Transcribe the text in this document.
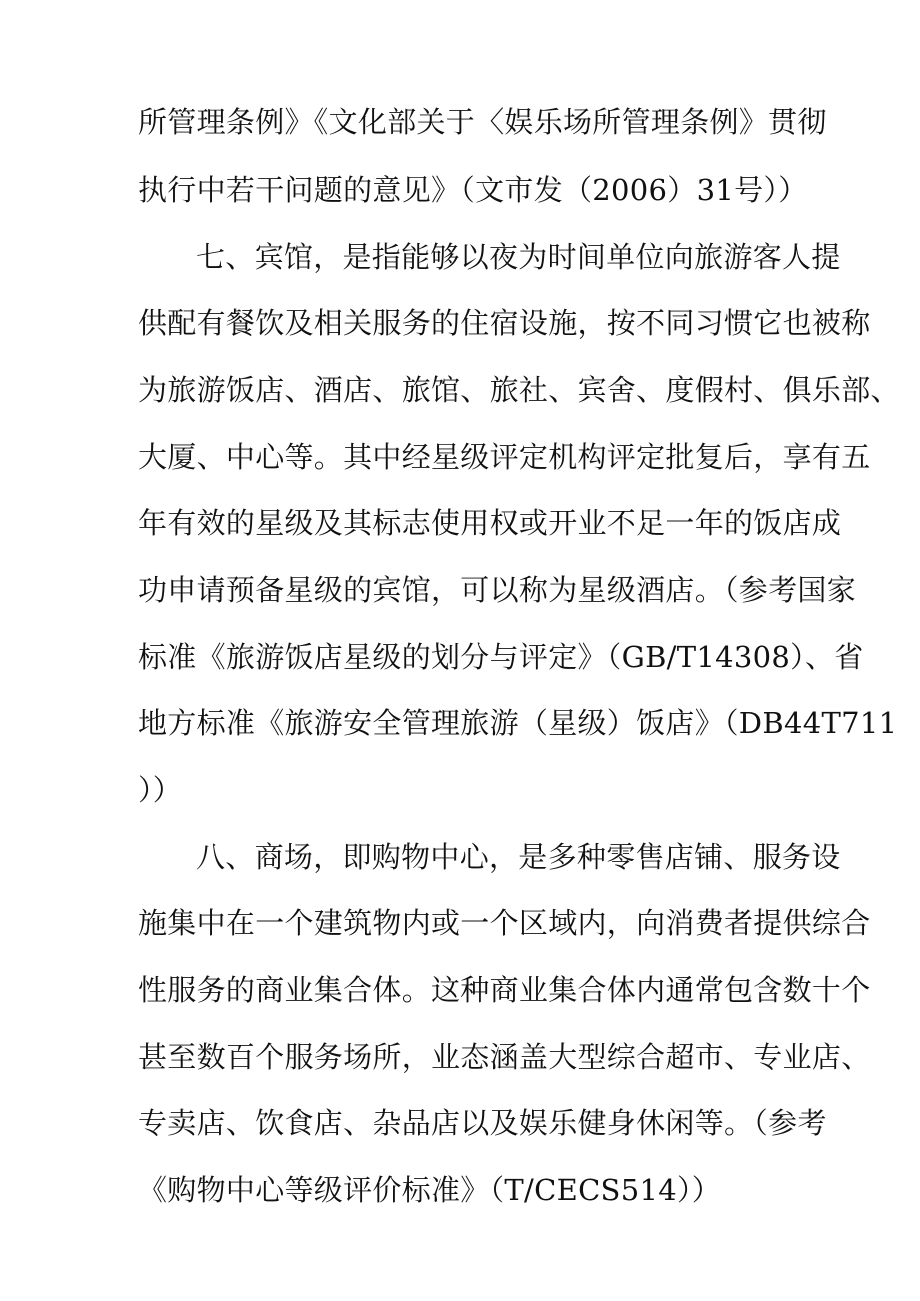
所管理条例》《文化部关于〈娱乐场所管理条例》贯彻
执行中若干问题的意见》（文市发（2006）31号））
七、宾馆，是指能够以夜为时间单位向旅游客人提
供配有餐饮及相关服务的住宿设施，按不同习惯它也被称
为旅游饭店、酒店、旅馆、旅社、宾舍、度假村、俱乐部、
大厦、中心等。其中经星级评定机构评定批复后，享有五
年有效的星级及其标志使用权或开业不足一年的饭店成
功申请预备星级的宾馆，可以称为星级酒店。（参考国家
标准《旅游饭店星级的划分与评定》（GB/T14308）、省
地方标准《旅游安全管理旅游（星级）饭店》（DB44T711
））
八、商场，即购物中心，是多种零售店铺、服务设
施集中在一个建筑物内或一个区域内，向消费者提供综合
性服务的商业集合体。这种商业集合体内通常包含数十个
甚至数百个服务场所，业态涵盖大型综合超市、专业店、
专卖店、饮食店、杂品店以及娱乐健身休闲等。（参考
《购物中心等级评价标准》（T/CECS514））
